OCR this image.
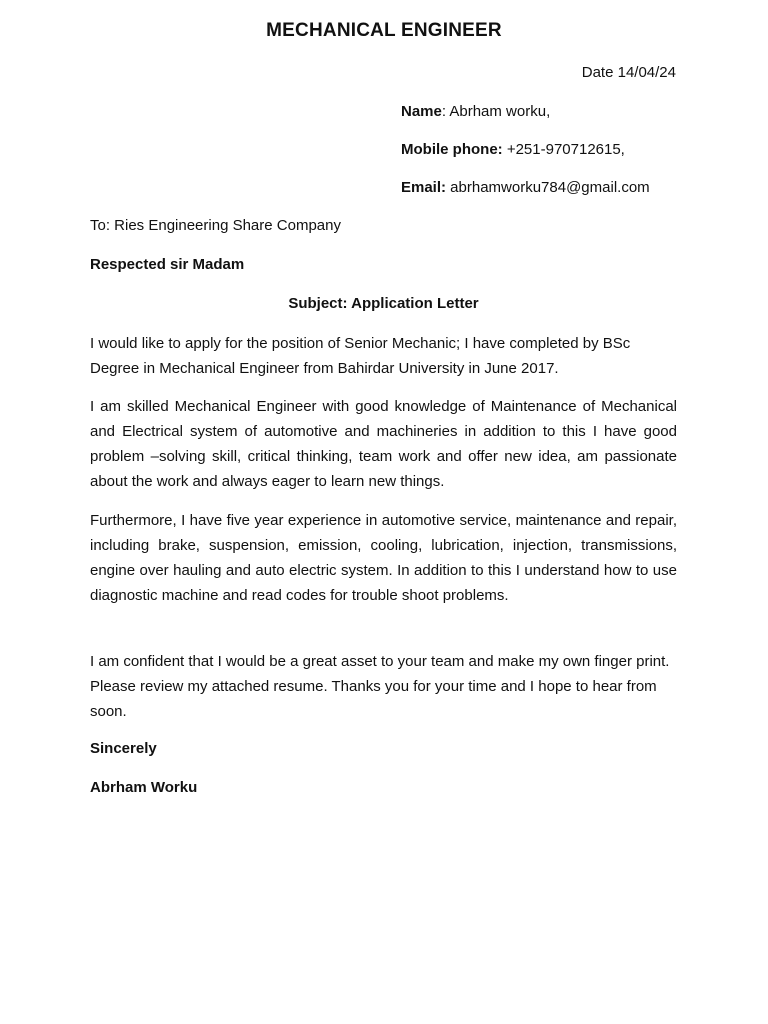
MECHANICAL ENGINEER
Date 14/04/24
Name: Abrham worku,
Mobile phone: +251-970712615,
Email: abrhamworku784@gmail.com
To: Ries Engineering Share Company
Respected sir Madam
Subject: Application Letter

I would like to apply for the position of Senior Mechanic; I have completed by BSc Degree in Mechanical Engineer from Bahirdar University in June 2017.

I am skilled Mechanical Engineer with good knowledge of Maintenance of Mechanical and Electrical system of automotive and machineries in addition to this I have good problem –solving skill, critical thinking, team work and offer new idea, am passionate about the work and always eager to learn new things.

Furthermore, I have five year experience in automotive service, maintenance and repair, including brake, suspension, emission, cooling, lubrication, injection, transmissions, engine over hauling and auto electric system. In addition to this I understand how to use diagnostic machine and read codes for trouble shoot problems.

I am confident that I would be a great asset to your team and make my own finger print. Please review my attached resume. Thanks you for your time and I hope to hear from soon.

Sincerely
Abrham Worku
